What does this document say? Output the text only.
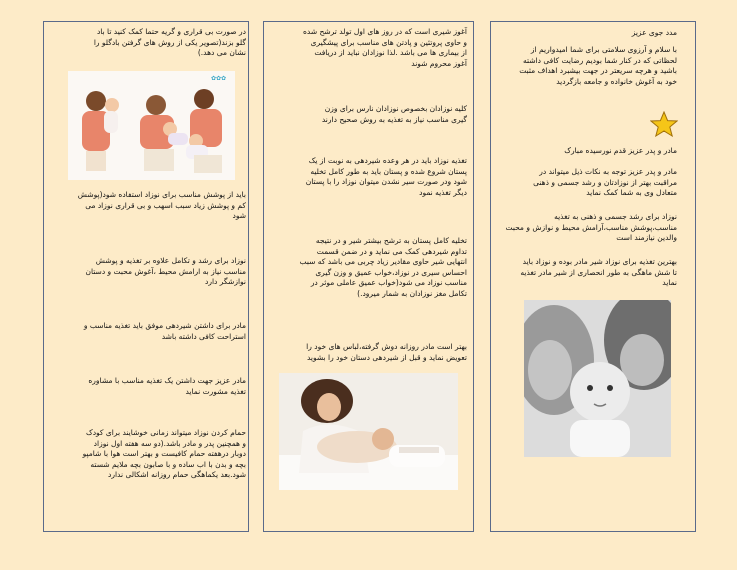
در صورت بی قراری و گریه حتما کمک کنید تا باد
گلو بزند(تصویر یکی از روش های گرفتن بادگلو را
نشان می دهد.)

✿✿✿

باید از پوشش مناسب برای نوزاد استفاده شود(پوشش
کم و پوشش زیاد سبب اسهب و بی قراری نوزاد می
شود

نوزاد برای رشد و تکامل علاوه بر تغذیه و پوشش
مناسب نیاز به ارامش محیط ،آغوش محبت و دستان
نوازشگر دارد

مادر برای داشتن شیردهی موفق باید تغذیه مناسب و
استراحت کافی داشته باشد

مادر عزیز جهت داشتن یک تغذیه مناسب با مشاوره
تغذیه مشورت نماید

حمام کردن نوزاد میتواند زمانی خوشایند برای کودک
و همچنین پدر و مادر باشد.(دو سه هفته اول نوزاد
دوبار درهفته حمام کافیست و بهتر است هوا با شامپو
بچه و بدن با اب ساده و با صابون بچه ملایم شسته
شود.بعد یکماهگی حمام روزانه اشکالی ندارد

آغوز شیری است که در روز های اول تولد ترشح شده
و حاوی پروتئین و پادتن های مناسب برای پیشگیری
از بیماری ها می باشد .لذا نوزادان نباید از دریافت
آغوز محروم شوند

کلیه نوزادان بخصوص نوزادان نارس برای وزن
گیری مناسب نیاز به تغذیه به روش صحیح دارند

تغذیه نوزاد باید در هر وعده شیردهی به نوبت از یک
پستان شروع شده و پستان باید به طور کامل تخلیه
شود ودر صورت سیر نشدن میتوان نوزاد را با پستان
دیگر تغذیه نمود

تخلیه کامل پستان به ترشح بیشتر شیر و در نتیجه
تداوم شیردهی کمک می نماید و در ضمن قسمت
انتهایی شیر حاوی مقادیر زیاد چربی می باشد که سبب
احساس سیری در نوزاد،خواب عمیق و وزن گیری
مناسب نوزاد می شود(خواب عمیق عاملی موثر در
تکامل مغز نوزادان به شمار میرود.)

بهتر است مادر روزانه دوش گرفته،لباس های خود را
تعویض نماید و قبل از شیردهی دستان خود را بشوید

مدد جوی عزیز

با سلام و آرزوی سلامتی برای شما امیدواریم از
لحظاتی که در کنار شما بودیم رضایت کافی داشته
باشید و هرچه سریعتر در جهت بیشبرد اهداف مثبت
خود به آغوش خانواده و جامعه بازگردید

مادر و پدر عزیز قدم نورسیده مبارک

مادر و پدر عزیز توجه به نکات ذیل میتواند در
مراقبت بهتر از نوزادتان و رشد جسمی و ذهنی
متعادل وی به شما کمک نماید

نوزاد برای رشد جسمی و ذهنی به تغذیه
مناسب،پوشش مناسب،آرامش محیط و نوازش و محبت
والدین نیازمند است

بهترین تغذیه برای نوزاد شیر مادر بوده و نوزاد باید
تا شش ماهگی به طور انحصاری از شیر مادر تغذیه
نماید
